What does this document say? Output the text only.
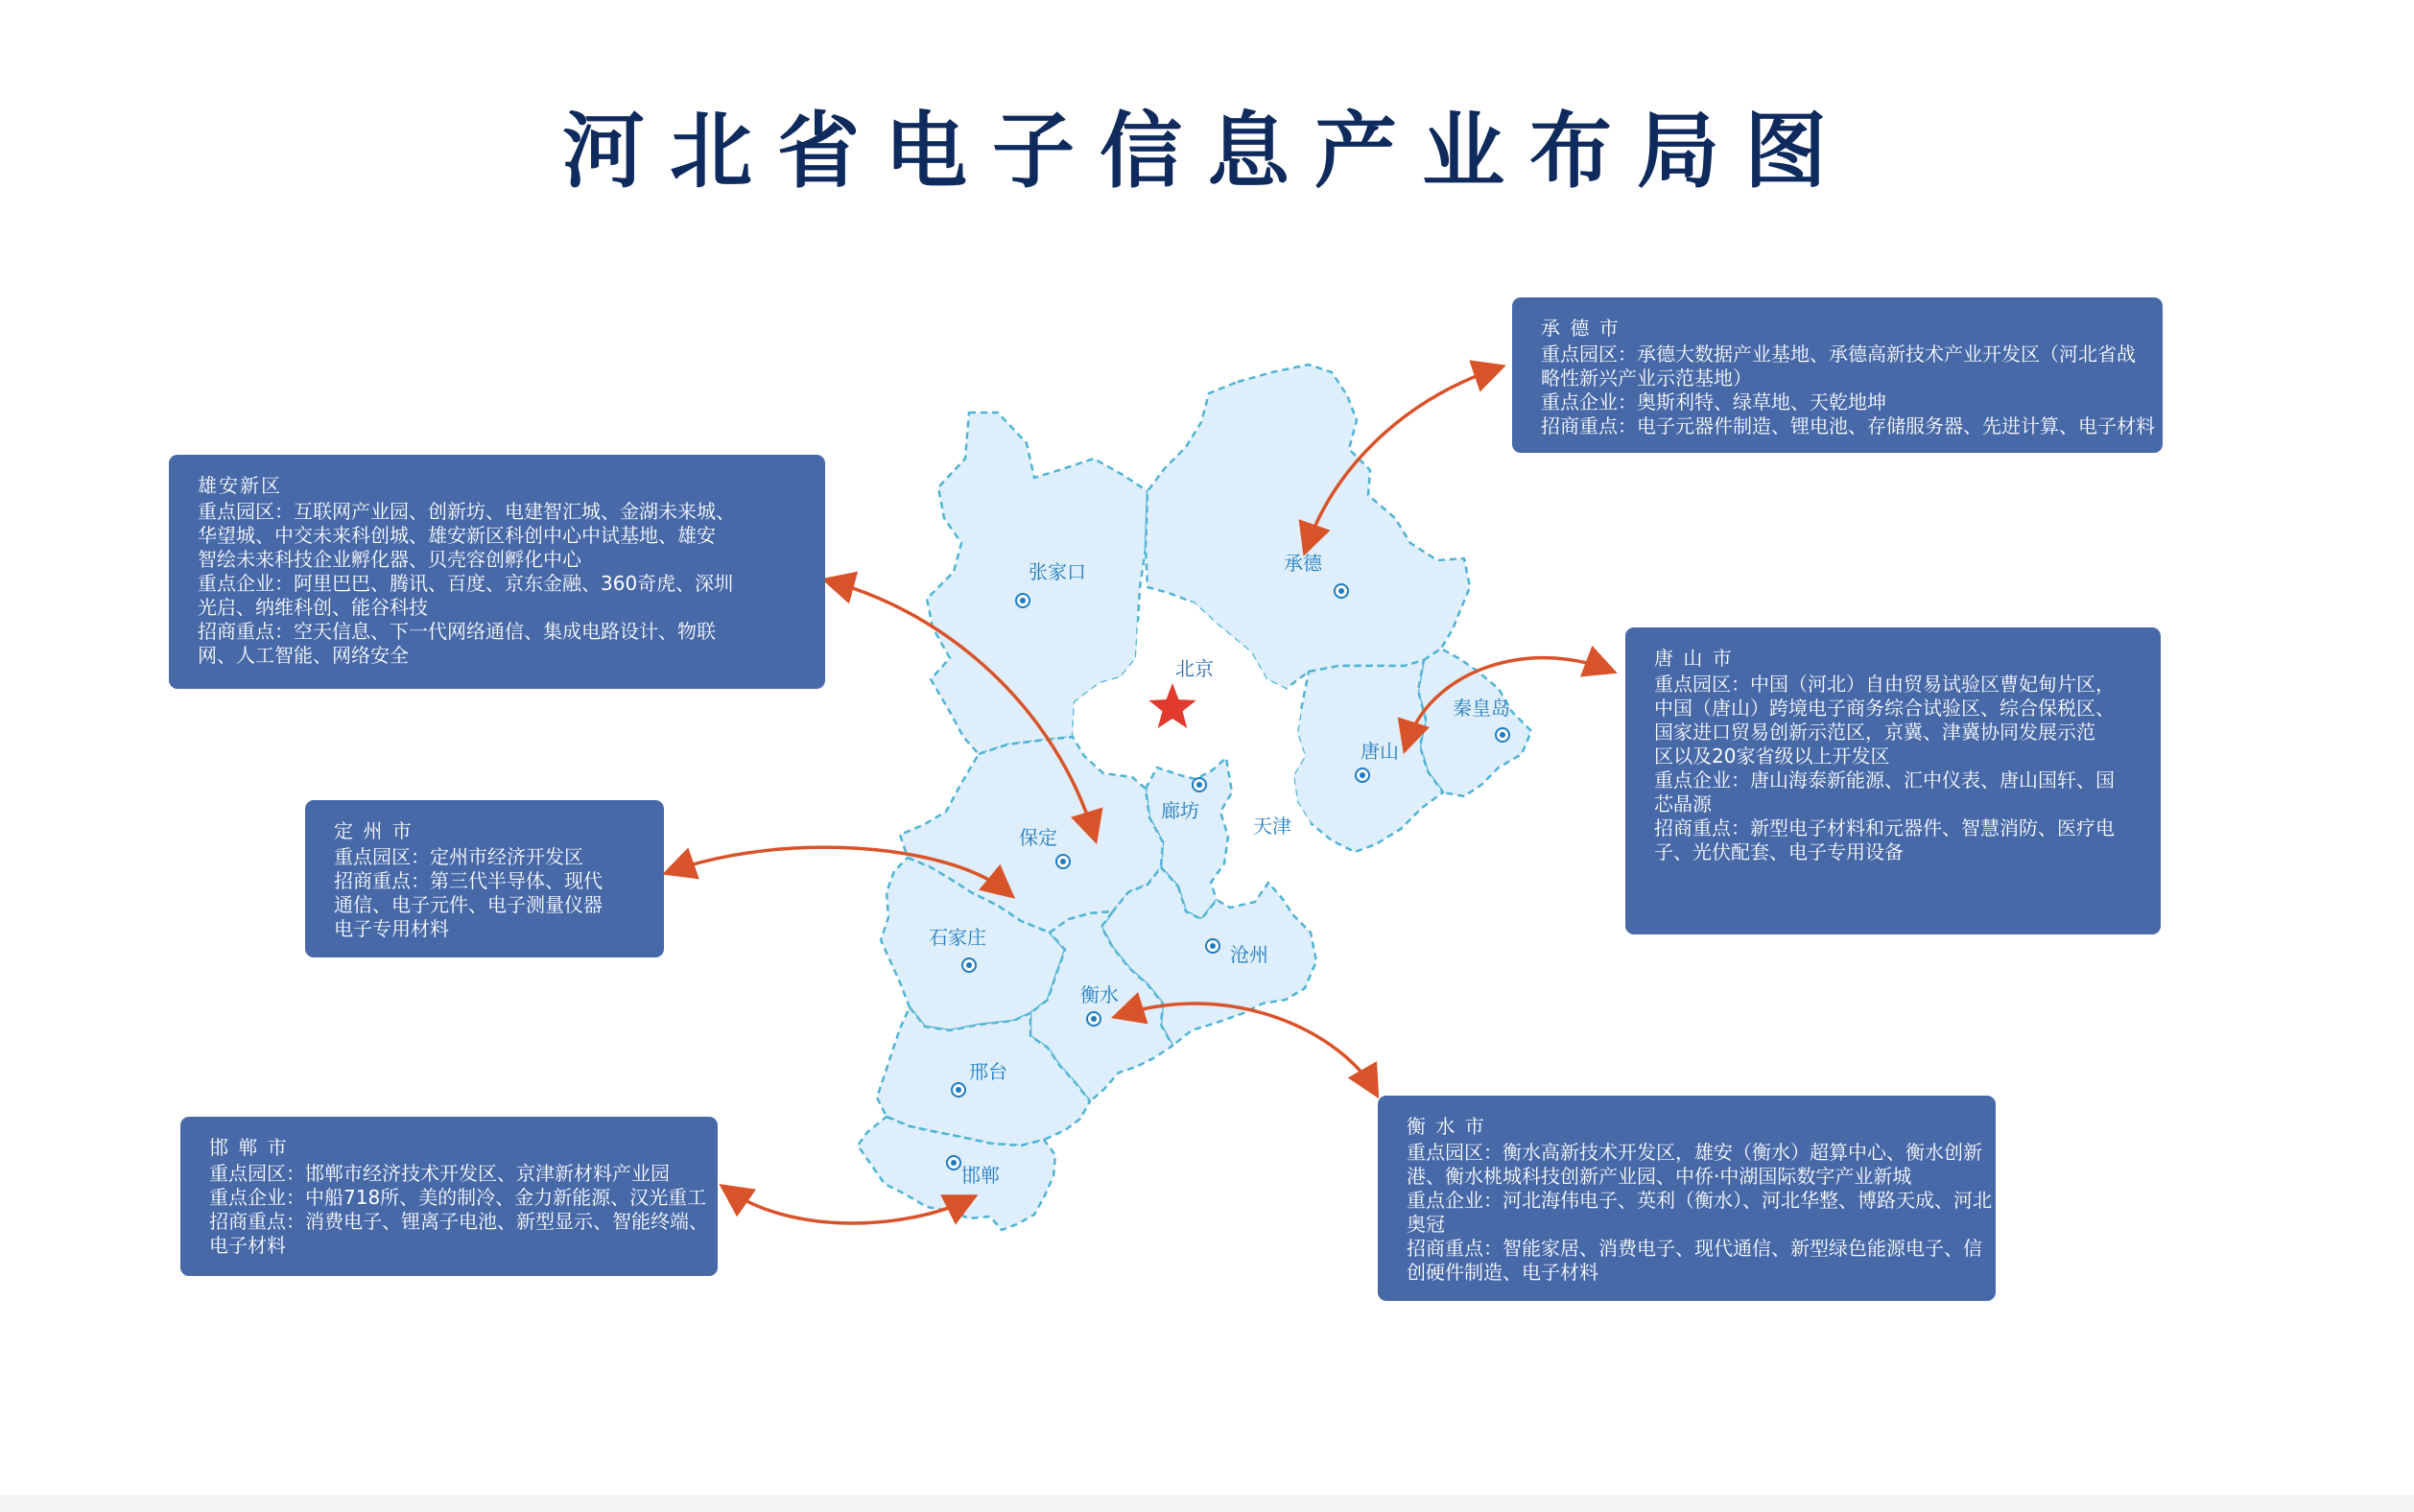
河北省电子信息产业布局图
北京
天津
张家口	承德
秦皇岛
唐山
廊坊
保定
沧州
石家庄
衡水
邢台
邯郸
承 德 市
重点园区：承德大数据产业基地、承德高新技术产业开发区（河北省战
略性新兴产业示范基地）
重点企业：奥斯利特、绿草地、天乾地坤
招商重点：电子元器件制造、锂电池、存储服务器、先进计算、电子材料
雄安新区
重点园区：互联网产业园、创新坊、电建智汇城、金湖未来城、
华望城、中交未来科创城、雄安新区科创中心中试基地、雄安
智绘未来科技企业孵化器、贝壳容创孵化中心
重点企业：阿里巴巴、腾讯、百度、京东金融、360奇虎、深圳
光启、纳维科创、能谷科技
招商重点：空天信息、下一代网络通信、集成电路设计、物联
网、人工智能、网络安全	唐 山 市
重点园区：中国（河北）自由贸易试验区曹妃甸片区，
中国（唐山）跨境电子商务综合试验区、综合保税区、
国家进口贸易创新示范区，京冀、津冀协同发展示范
区以及20家省级以上开发区
重点企业：唐山海泰新能源、汇中仪表、唐山国轩、国
芯晶源
招商重点：新型电子材料和元器件、智慧消防、医疗电
子、光伏配套、电子专用设备
定 州 市
重点园区：定州市经济开发区
招商重点：第三代半导体、现代
通信、电子元件、电子测量仪器
电子专用材料
邯 郸 市
重点园区：邯郸市经济技术开发区、京津新材料产业园
重点企业：中船718所、美的制冷、金力新能源、汉光重工
招商重点：消费电子、锂离子电池、新型显示、智能终端、
电子材料
衡 水 市
重点园区：衡水高新技术开发区，雄安（衡水）超算中心、衡水创新
港、衡水桃城科技创新产业园、中侨·中湖国际数字产业新城
重点企业：河北海伟电子、英利（衡水）、河北华整、博路天成、河北
奥冠
招商重点：智能家居、消费电子、现代通信、新型绿色能源电子、信
创硬件制造、电子材料
